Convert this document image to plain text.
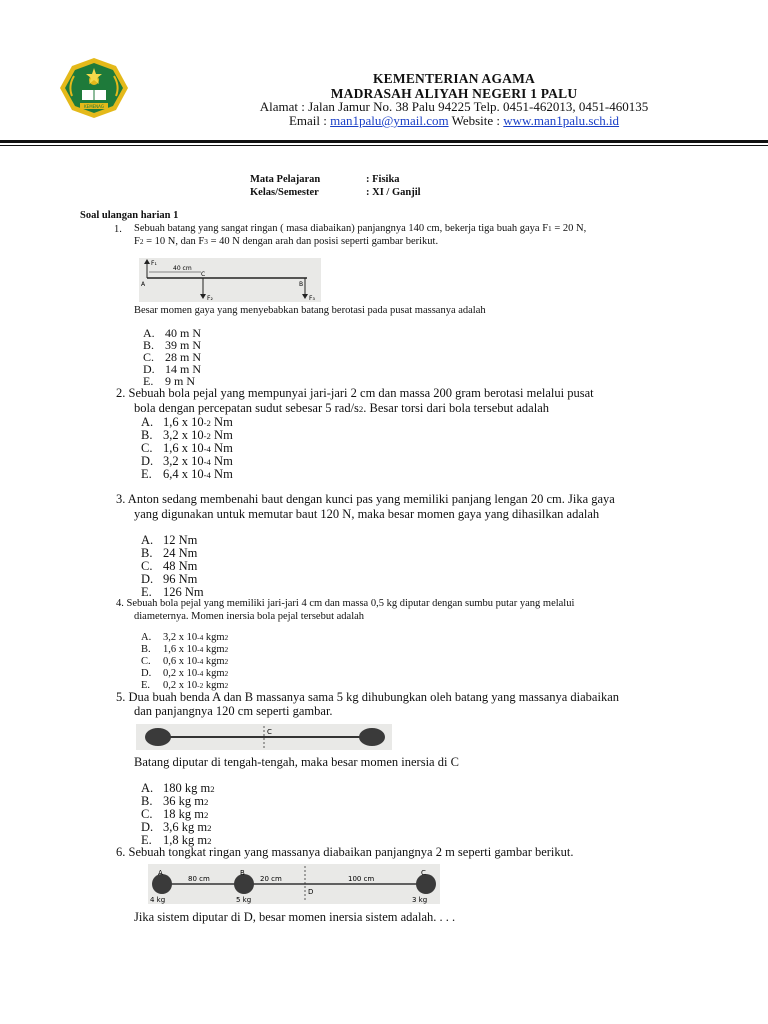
KEMENAG
KEMENTERIAN AGAMA
MADRASAH ALIYAH NEGERI 1 PALU
Alamat : Jalan Jamur No. 38 Palu 94225 Telp. 0451-462013, 0451-460135
Email : man1palu@ymail.com Website : www.man1palu.sch.id
Mata Pelajaran	: Fisika
Kelas/Semester	: XI / Ganjil
Soal ulangan harian 1
1. Sebuah batang yang sangat ringan ( masa diabaikan) panjangnya 140 cm, bekerja tiga buah gaya $F_1 = 20$ N,
$F_2 = 10$ N, dan $F_3 = 40$ N dengan arah dan posisi seperti gambar berikut.
F₁
40 cm
C
A
F₂
B
F₃
Besar momen gaya yang menyebabkan batang berotasi pada pusat massanya adalah
A. 40 m N
B. 39 m N
C. 28 m N
D. 14 m N
E. 9 m N
2. Sebuah bola pejal yang mempunyai jari-jari 2 cm dan massa 200 gram berotasi melalui pusat
bola dengan percepatan sudut sebesar 5 rad/$s^2$. Besar torsi dari bola tersebut adalah
A. 1,6 x $10^{-2}$ Nm
B. 3,2 x $10^{-2}$ Nm
C. 1,6 x $10^{-4}$ Nm
D. 3,2 x $10^{-4}$ Nm
E. 6,4 x $10^{-4}$ Nm
3. Anton sedang membenahi baut dengan kunci pas yang memiliki panjang lengan 20 cm. Jika gaya
yang digunakan untuk memutar baut 120 N, maka besar momen gaya yang dihasilkan adalah
A. 12 Nm
B. 24 Nm
C. 48 Nm
D. 96 Nm
E. 126 Nm
4. Sebuah bola pejal yang memiliki jari-jari 4 cm dan massa 0,5 kg diputar dengan sumbu putar yang melalui
diameternya. Momen inersia bola pejal tersebut adalah
A. 3,2 x $10^{-4}$ kgm$^2$
B. 1,6 x $10^{-4}$ kgm$^2$
C. 0,6 x $10^{-4}$ kgm$^2$
D. 0,2 x $10^{-4}$ kgm$^2$
E. 0,2 x $10^{-2}$ kgm$^2$
5. Dua buah benda A dan B massanya sama 5 kg dihubungkan oleh batang yang massanya diabaikan
dan panjangnya 120 cm seperti gambar.
C
Batang diputar di tengah-tengah, maka besar momen inersia di C
A. 180 kg $m^2$
B. 36 kg $m^2$
C. 18 kg $m^2$
D. 3,6 kg $m^2$
E. 1,8 kg $m^2$
6. Sebuah tongkat ringan yang massanya diabaikan panjangnya 2 m seperti gambar berikut.
A	B	C
D
80 cm	20 cm	100 cm
4 kg	5 kg	3 kg
Jika sistem diputar di D, besar momen inersia sistem adalah. . . .
